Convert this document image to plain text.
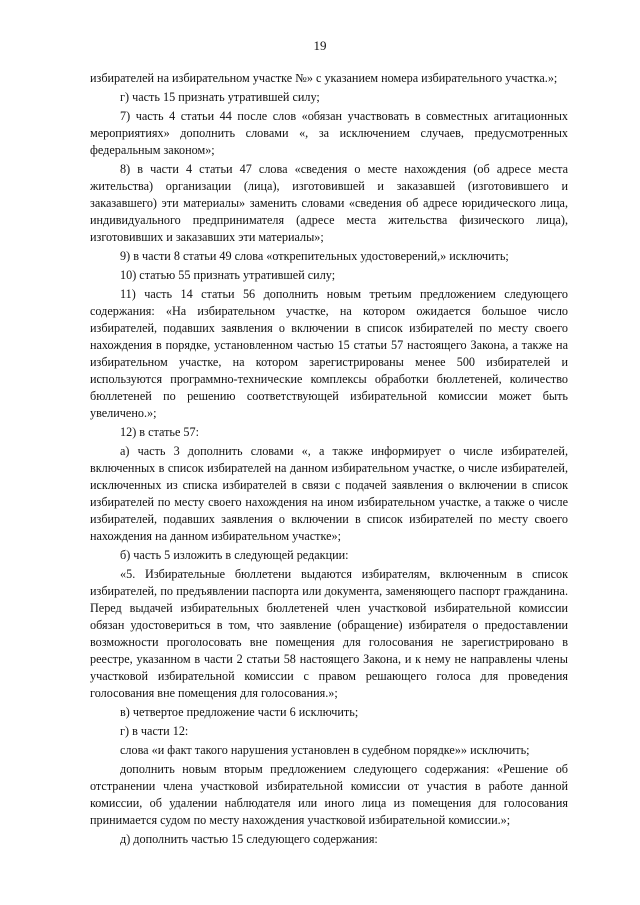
19

избирателей на избирательном участке №» с указанием номера избирательного участка.»;

г) часть 15 признать утратившей силу;

7) часть 4 статьи 44 после слов «обязан участвовать в совместных агитационных мероприятиях» дополнить словами «, за исключением случаев, предусмотренных федеральным законом»;

8) в части 4 статьи 47 слова «сведения о месте нахождения (об адресе места жительства) организации (лица), изготовившей и заказавшей (изготовившего и заказавшего) эти материалы» заменить словами «сведения об адресе юридического лица, индивидуального предпринимателя (адресе места жительства физического лица), изготовивших и заказавших эти материалы»;

9) в части 8 статьи 49 слова «открепительных удостоверений,» исключить;

10) статью 55 признать утратившей силу;

11) часть 14 статьи 56 дополнить новым третьим предложением следующего содержания: «На избирательном участке, на котором ожидается большое число избирателей, подавших заявления о включении в список избирателей по месту своего нахождения в порядке, установленном частью 15 статьи 57 настоящего Закона, а также на избирательном участке, на котором зарегистрированы менее 500 избирателей и используются программно-технические комплексы обработки бюллетеней, количество бюллетеней по решению соответствующей избирательной комиссии может быть увеличено.»;

12) в статье 57:

а) часть 3 дополнить словами «, а также информирует о числе избирателей, включенных в список избирателей на данном избирательном участке, о числе избирателей, исключенных из списка избирателей в связи с подачей заявления о включении в список избирателей по месту своего нахождения на ином избирательном участке, а также о числе избирателей, подавших заявления о включении в список избирателей по месту своего нахождения на данном избирательном участке»;

б) часть 5 изложить в следующей редакции:

«5. Избирательные бюллетени выдаются избирателям, включенным в список избирателей, по предъявлении паспорта или документа, заменяющего паспорт гражданина. Перед выдачей избирательных бюллетеней член участковой избирательной комиссии обязан удостовериться в том, что заявление (обращение) избирателя о предоставлении возможности проголосовать вне помещения для голосования не зарегистрировано в реестре, указанном в части 2 статьи 58 настоящего Закона, и к нему не направлены члены участковой избирательной комиссии с правом решающего голоса для проведения голосования вне помещения для голосования.»;

в) четвертое предложение части 6 исключить;

г) в части 12:

слова «и факт такого нарушения установлен в судебном порядке»» исключить;

дополнить новым вторым предложением следующего содержания: «Решение об отстранении члена участковой избирательной комиссии от участия в работе данной комиссии, об удалении наблюдателя или иного лица из помещения для голосования принимается судом по месту нахождения участковой избирательной комиссии.»;

д) дополнить частью 15 следующего содержания:
